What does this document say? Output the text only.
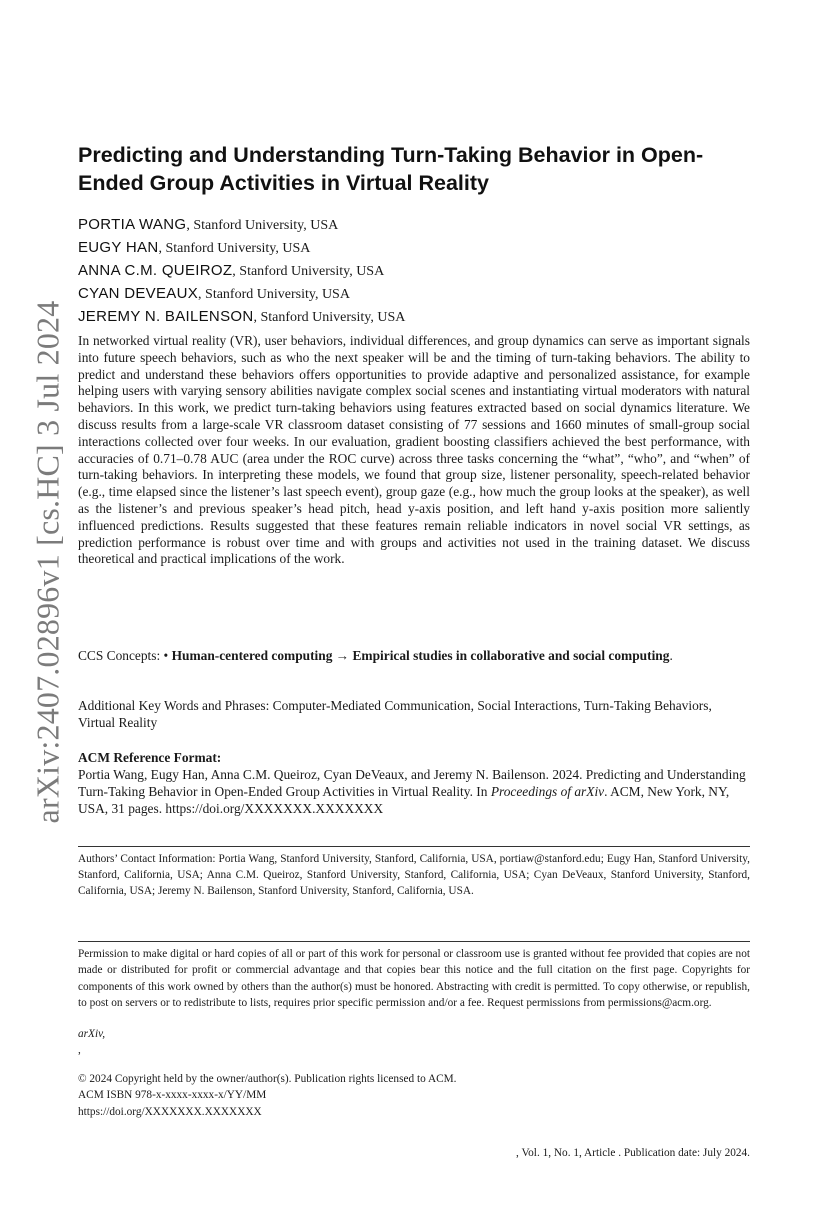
arXiv:2407.02896v1 [cs.HC] 3 Jul 2024
Predicting and Understanding Turn-Taking Behavior in Open-Ended Group Activities in Virtual Reality
PORTIA WANG, Stanford University, USA
EUGY HAN, Stanford University, USA
ANNA C.M. QUEIROZ, Stanford University, USA
CYAN DEVEAUX, Stanford University, USA
JEREMY N. BAILENSON, Stanford University, USA

In networked virtual reality (VR), user behaviors, individual differences, and group dynamics can serve as important signals into future speech behaviors, such as who the next speaker will be and the timing of turn-taking behaviors. The ability to predict and understand these behaviors offers opportunities to provide adaptive and personalized assistance, for example helping users with varying sensory abilities navigate complex social scenes and instantiating virtual moderators with natural behaviors. In this work, we predict turn-taking behaviors using features extracted based on social dynamics literature. We discuss results from a large-scale VR classroom dataset consisting of 77 sessions and 1660 minutes of small-group social interactions collected over four weeks. In our evaluation, gradient boosting classifiers achieved the best performance, with accuracies of 0.71–0.78 AUC (area under the ROC curve) across three tasks concerning the “what”, “who”, and “when” of turn-taking behaviors. In interpreting these models, we found that group size, listener personality, speech-related behavior (e.g., time elapsed since the listener’s last speech event), group gaze (e.g., how much the group looks at the speaker), as well as the listener’s and previous speaker’s head pitch, head y-axis position, and left hand y-axis position more saliently influenced predictions. Results suggested that these features remain reliable indicators in novel social VR settings, as prediction performance is robust over time and with groups and activities not used in the training dataset. We discuss theoretical and practical implications of the work.

CCS Concepts: • Human-centered computing → Empirical studies in collaborative and social computing.

Additional Key Words and Phrases: Computer-Mediated Communication, Social Interactions, Turn-Taking Behaviors, Virtual Reality

ACM Reference Format:

Portia Wang, Eugy Han, Anna C.M. Queiroz, Cyan DeVeaux, and Jeremy N. Bailenson. 2024. Predicting and Understanding Turn-Taking Behavior in Open-Ended Group Activities in Virtual Reality. In Proceedings of arXiv. ACM, New York, NY, USA, 31 pages. https://doi.org/XXXXXXX.XXXXXXX

Authors’ Contact Information: Portia Wang, Stanford University, Stanford, California, USA, portiaw@stanford.edu; Eugy Han, Stanford University, Stanford, California, USA; Anna C.M. Queiroz, Stanford University, Stanford, California, USA; Cyan DeVeaux, Stanford University, Stanford, California, USA; Jeremy N. Bailenson, Stanford University, Stanford, California, USA.

Permission to make digital or hard copies of all or part of this work for personal or classroom use is granted without fee provided that copies are not made or distributed for profit or commercial advantage and that copies bear this notice and the full citation on the first page. Copyrights for components of this work owned by others than the author(s) must be honored. Abstracting with credit is permitted. To copy otherwise, or republish, to post on servers or to redistribute to lists, requires prior specific permission and/or a fee. Request permissions from permissions@acm.org.

arXiv,

,

© 2024 Copyright held by the owner/author(s). Publication rights licensed to ACM.
ACM ISBN 978-x-xxxx-xxxx-x/YY/MM
https://doi.org/XXXXXXX.XXXXXXX

, Vol. 1, No. 1, Article . Publication date: July 2024.
